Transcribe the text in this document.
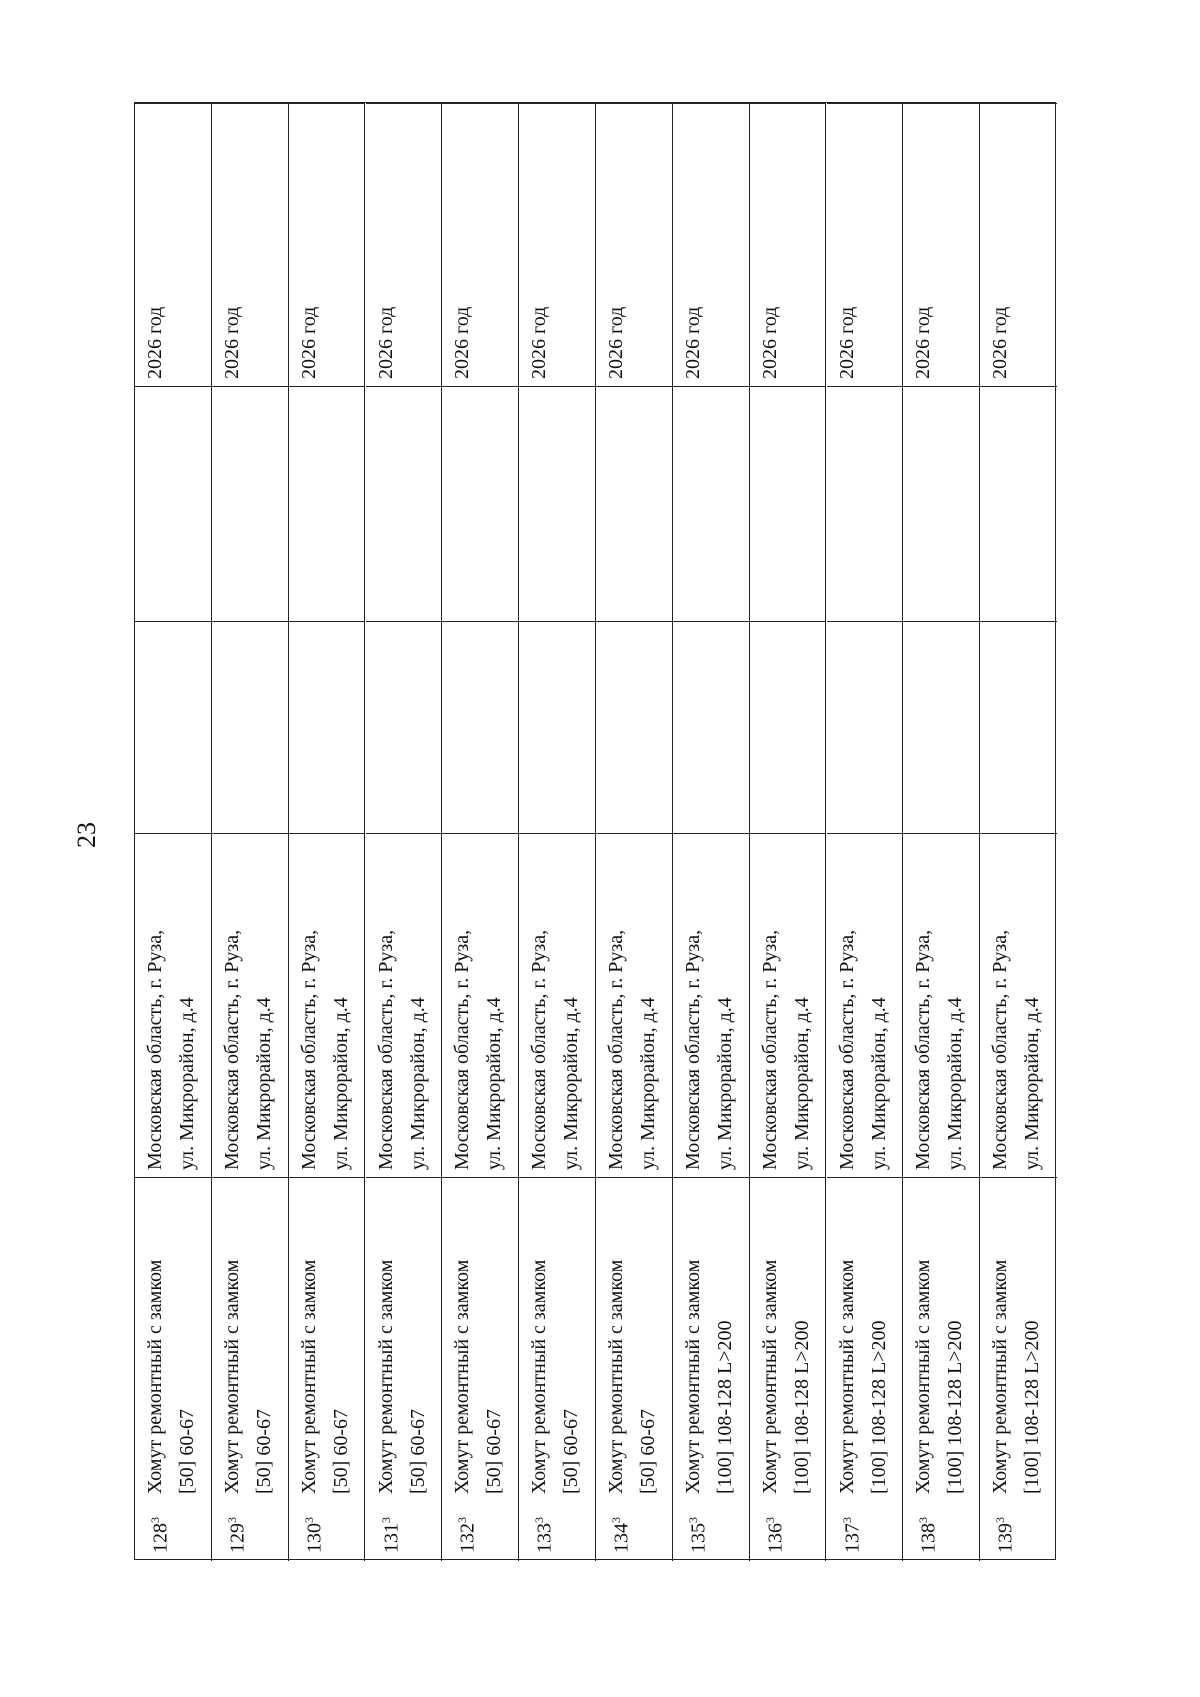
23
$128^3$
Хомут ремонтный с замком [50] 60-67
Московская область, г. Руза, ул. Микрорайон, д.4
2026 год
$129^3$
Хомут ремонтный с замком [50] 60-67
Московская область, г. Руза, ул. Микрорайон, д.4
2026 год
$130^3$
Хомут ремонтный с замком [50] 60-67
Московская область, г. Руза, ул. Микрорайон, д.4
2026 год
$131^3$
Хомут ремонтный с замком [50] 60-67
Московская область, г. Руза, ул. Микрорайон, д.4
2026 год
$132^3$
Хомут ремонтный с замком [50] 60-67
Московская область, г. Руза, ул. Микрорайон, д.4
2026 год
$133^3$
Хомут ремонтный с замком [50] 60-67
Московская область, г. Руза, ул. Микрорайон, д.4
2026 год
$134^3$
Хомут ремонтный с замком [50] 60-67
Московская область, г. Руза, ул. Микрорайон, д.4
2026 год
$135^3$
Хомут ремонтный с замком [100] 108-128 L>200
Московская область, г. Руза, ул. Микрорайон, д.4
2026 год
$136^3$
Хомут ремонтный с замком [100] 108-128 L>200
Московская область, г. Руза, ул. Микрорайон, д.4
2026 год
$137^3$
Хомут ремонтный с замком [100] 108-128 L>200
Московская область, г. Руза, ул. Микрорайон, д.4
2026 год
$138^3$
Хомут ремонтный с замком [100] 108-128 L>200
Московская область, г. Руза, ул. Микрорайон, д.4
2026 год
$139^3$
Хомут ремонтный с замком [100] 108-128 L>200
Московская область, г. Руза, ул. Микрорайон, д.4
2026 год
